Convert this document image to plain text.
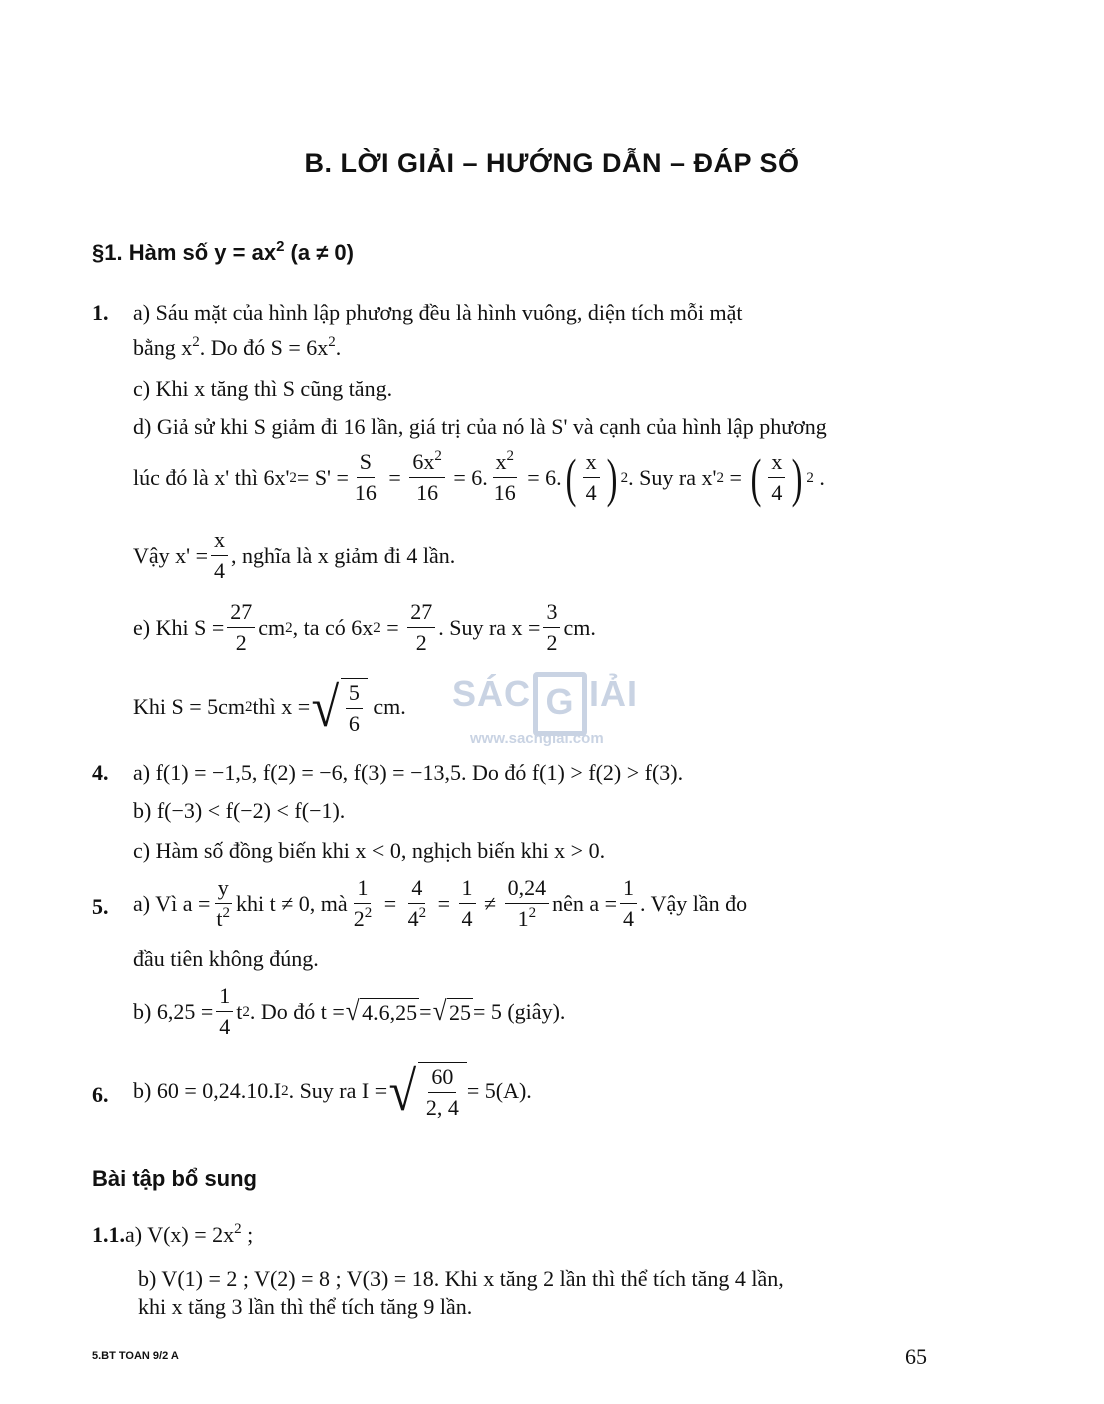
B. LỜI GIẢI – HƯỚNG DẪN – ĐÁP SỐ
§1. Hàm số $y = ax^2$ (a ≠ 0)
1. a) Sáu mặt của hình lập phương đều là hình vuông, diện tích mỗi mặt
bằng $x^2$. Do đó $S = 6x^2$.
c) Khi x tăng thì S cũng tăng.
d) Giả sử khi S giảm đi 16 lần, giá trị của nó là S' và cạnh của hình lập phương
lúc đó là x' thì 6x' $2 = S' = \frac{S}{16} = \frac{6x^2}{16}$
= 6. $\frac{x^2}{16}$
= 6. ( $\frac{x}{4}$ ) 2 . Suy ra x' 2 = ( $\frac{x}{4}$ ) 2 .
Vậy $x' = \frac{x}{4}$ , nghĩa là x giảm đi 4 lần.
e) Khi $S = \frac{27}{2}$ cm 2 , ta có 6x $2 = \frac{27}{2}$ . Suy ra $x = \frac{3}{2}$ cm.
Khi S = 5cm 2 thì x = √ $\frac{5}{6}$
cm. SÁC G IẢI
www.sachgiai.com
4. a) f(1) = −1,5, f(2) = −6, f(3) = −13,5. Do đó f(1) > f(2) > f(3).
b) f(−3) < f(−2) < f(−1).
c) Hàm số đồng biến khi x < 0, nghịch biến khi x > 0.
5. a) Vì $a = \frac{y}{t^2}$ khi t ≠ 0, mà $\frac{1}{2^2} = \frac{4}{4^2} = \frac{1}{4}$
≠
$\frac{0,24}{1^2}$ nên $a = \frac{1}{4}$ . Vậy lần đo
đầu tiên không đúng.
b) $6,25 = \frac{1}{4}$ t 2 . Do đó t = √ 4.6,25 = √ 25 = 5 (giây).
6. b) 60 = 0,24.10.I 2 . Suy ra I = √ $\frac{60}{2, 4} = 5(A)$.
Bài tập bổ sung
1.1.a) $V(x) = 2x^2$ ;
b) V(1) = 2 ; V(2) = 8 ; V(3) = 18. Khi x tăng 2 lần thì thể tích tăng 4 lần,
khi x tăng 3 lần thì thể tích tăng 9 lần.
5.BT TOAN 9/2 A	65
